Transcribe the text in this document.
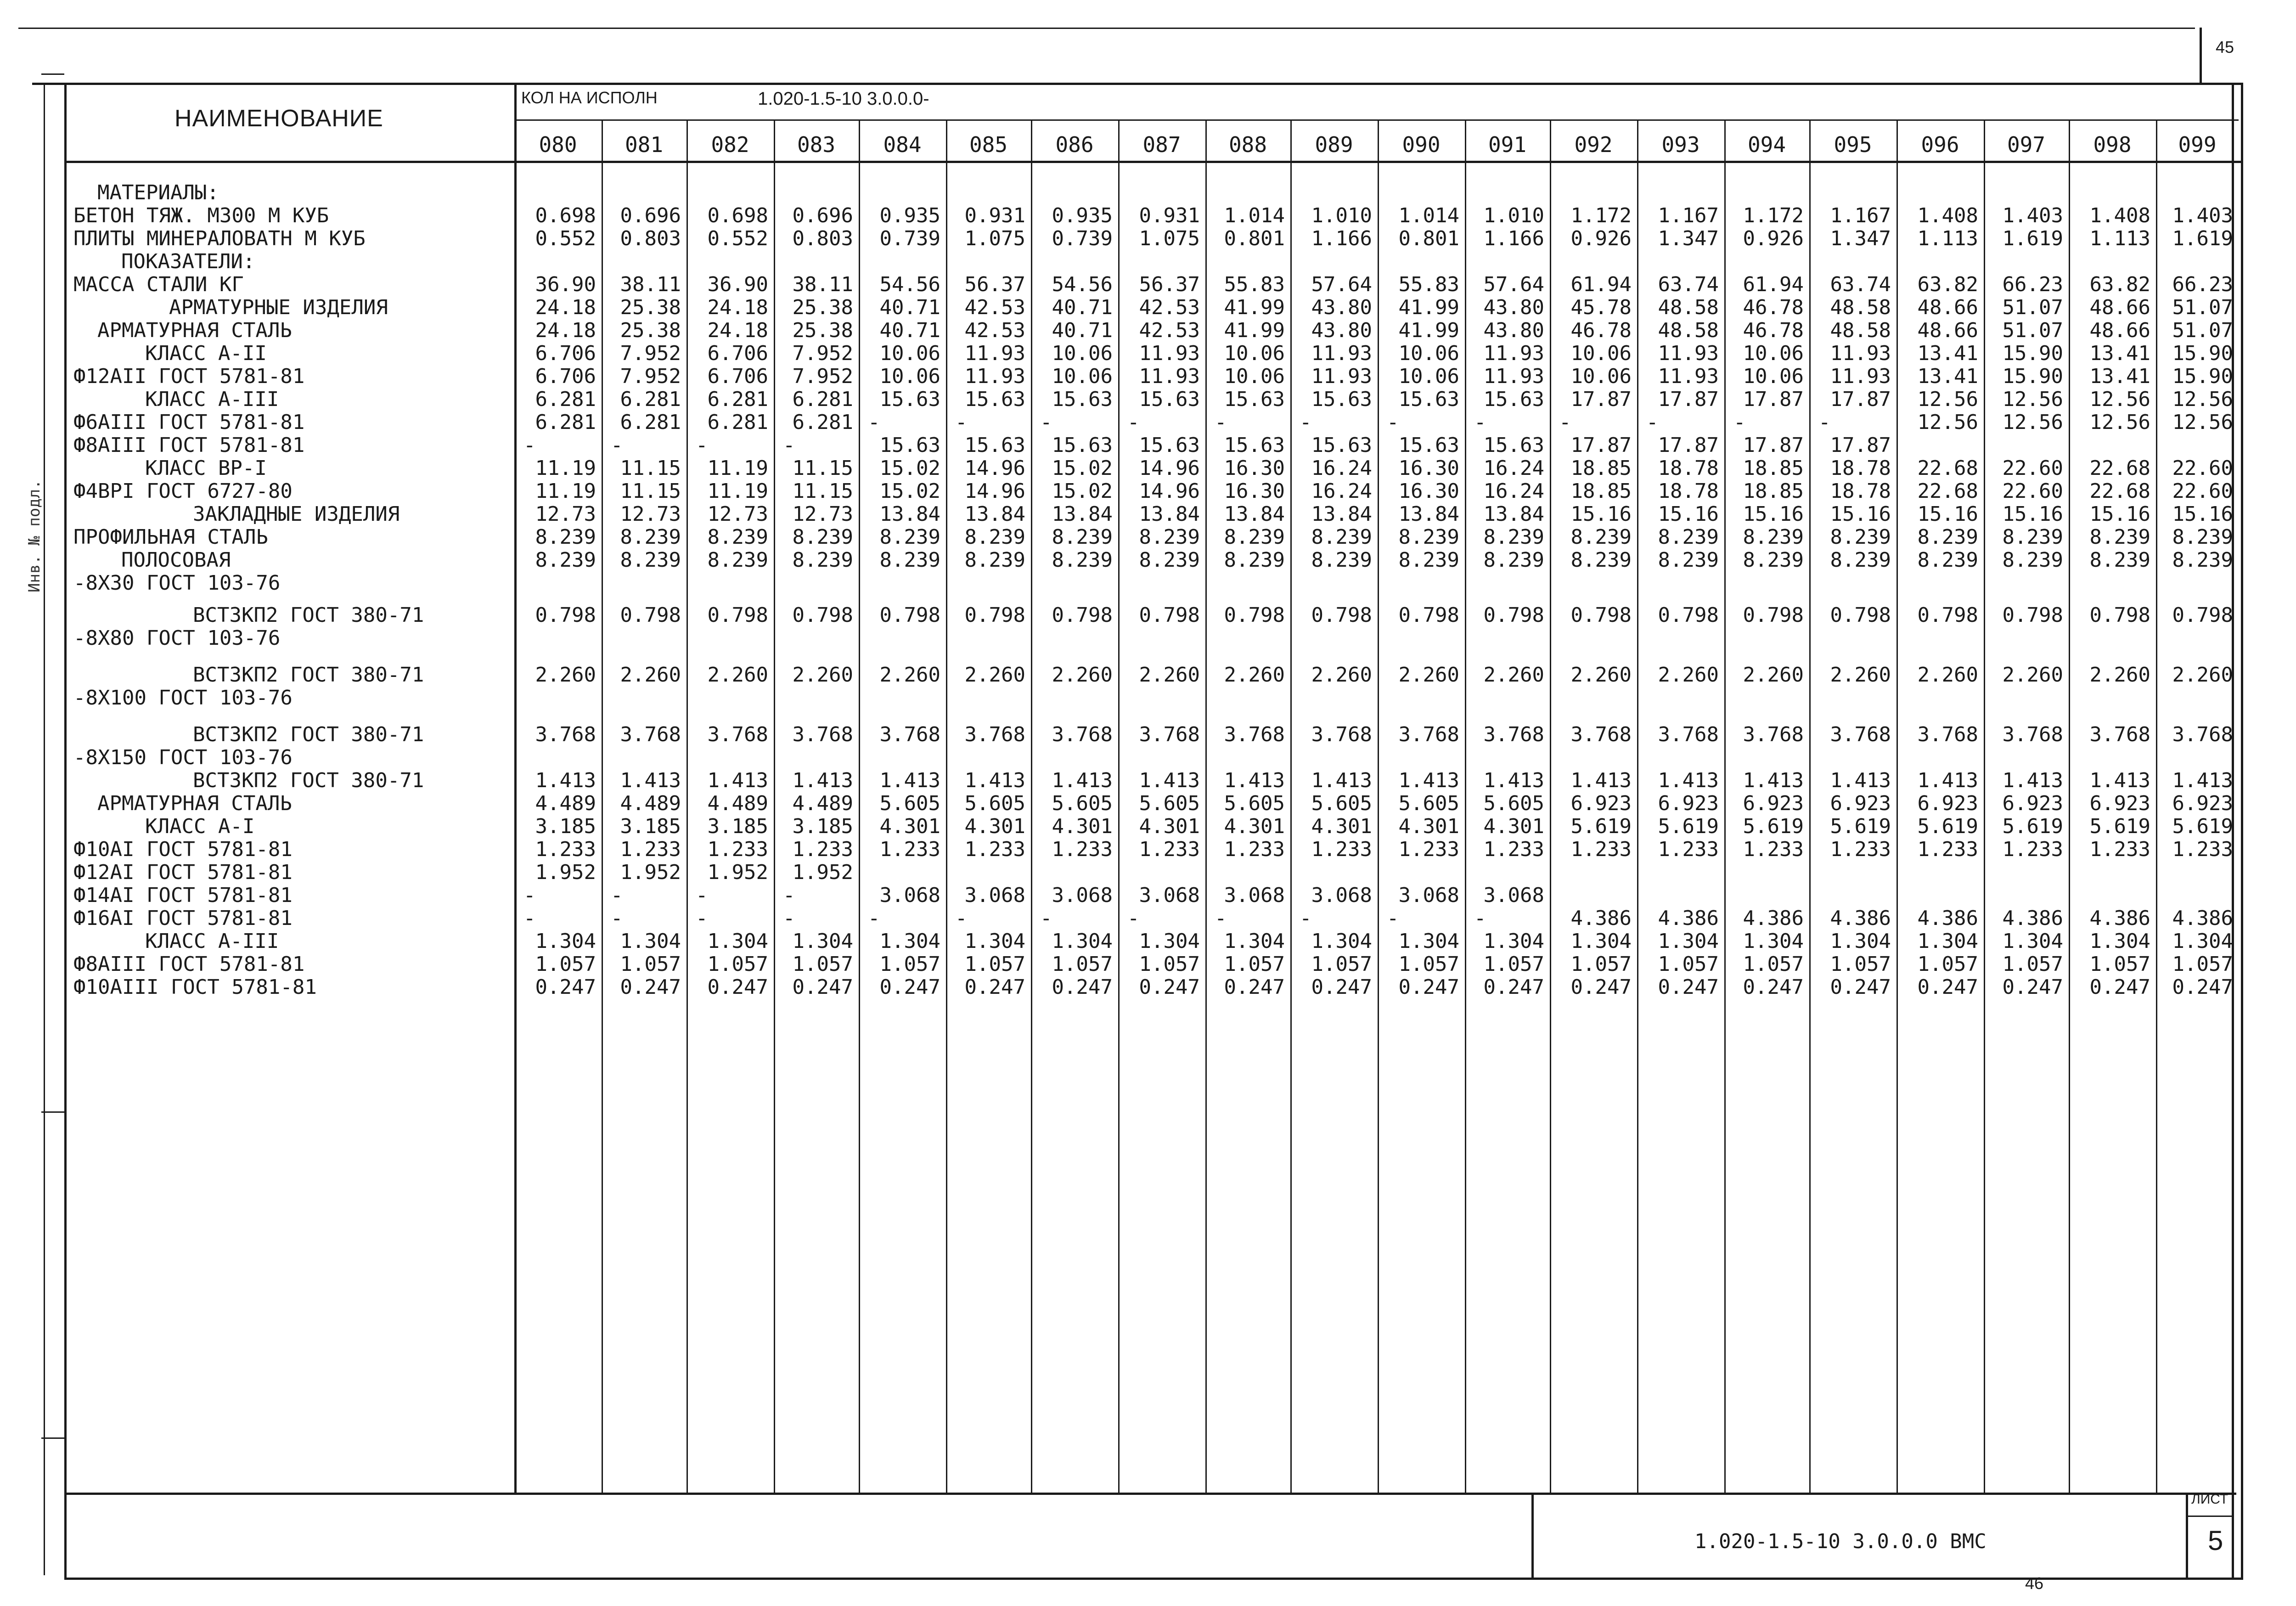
45
46
НАИМЕНОВАНИЕ
КОЛ НА ИСПОЛН	1.020-1.5-10 3.0.0.0-
080	081	082	083	084	085	086	087	088	089	090	091	092	093	094	095	096	097	098	099
МАТЕРИАЛЫ:
БЕТОН ТЯЖ. М300 М КУБ	0.698	0.696	0.698	0.696	0.935	0.931	0.935	0.931	1.014	1.010	1.014	1.010	1.172	1.167	1.172	1.167	1.408	1.403	1.408	1.403
ПЛИТЫ МИНЕРАЛОВАТН М КУБ	0.552	0.803	0.552	0.803	0.739	1.075	0.739	1.075	0.801	1.166	0.801	1.166	0.926	1.347	0.926	1.347	1.113	1.619	1.113	1.619
ПОКАЗАТЕЛИ:
МАССА СТАЛИ КГ	36.90	38.11	36.90	38.11	54.56	56.37	54.56	56.37	55.83	57.64	55.83	57.64	61.94	63.74	61.94	63.74	63.82	66.23	63.82	66.23
АРМАТУРНЫЕ ИЗДЕЛИЯ	24.18	25.38	24.18	25.38	40.71	42.53	40.71	42.53	41.99	43.80	41.99	43.80	45.78	48.58	46.78	48.58	48.66	51.07	48.66	51.07
АРМАТУРНАЯ СТАЛЬ	24.18	25.38	24.18	25.38	40.71	42.53	40.71	42.53	41.99	43.80	41.99	43.80	46.78	48.58	46.78	48.58	48.66	51.07	48.66	51.07
КЛАСС А-II	6.706	7.952	6.706	7.952	10.06	11.93	10.06	11.93	10.06	11.93	10.06	11.93	10.06	11.93	10.06	11.93	13.41	15.90	13.41	15.90
Ф12АII ГОСТ 5781-81	6.706	7.952	6.706	7.952	10.06	11.93	10.06	11.93	10.06	11.93	10.06	11.93	10.06	11.93	10.06	11.93	13.41	15.90	13.41	15.90
КЛАСС А-III	6.281	6.281	6.281	6.281	15.63	15.63	15.63	15.63	15.63	15.63	15.63	15.63	17.87	17.87	17.87	17.87	12.56	12.56	12.56	12.56
Ф6АIII ГОСТ 5781-81	6.281	6.281	6.281	6.281 -	-	-	-	-	-	-	-	-	-	-	-	12.56	12.56	12.56	12.56
Ф8АIII ГОСТ 5781-81	-	-	-	-	15.63	15.63	15.63	15.63	15.63	15.63	15.63	15.63	17.87	17.87	17.87	17.87
КЛАСС ВР-I	11.19	11.15	11.19	11.15	15.02	14.96	15.02	14.96	16.30	16.24	16.30	16.24	18.85	18.78	18.85	18.78	22.68	22.60	22.68	22.60
Ф4ВРI ГОСТ 6727-80	11.19	11.15	11.19	11.15	15.02	14.96	15.02	14.96	16.30	16.24	16.30	16.24	18.85	18.78	18.85	18.78	22.68	22.60	22.68	22.60
ЗАКЛАДНЫЕ ИЗДЕЛИЯ	12.73	12.73	12.73	12.73	13.84	13.84	13.84	13.84	13.84	13.84	13.84	13.84	15.16	15.16	15.16	15.16	15.16	15.16	15.16	15.16
ПРОФИЛЬНАЯ СТАЛЬ	8.239	8.239	8.239	8.239	8.239	8.239	8.239	8.239	8.239	8.239	8.239	8.239	8.239	8.239	8.239	8.239	8.239	8.239	8.239	8.239
ПОЛОСОВАЯ	8.239	8.239	8.239	8.239	8.239	8.239	8.239	8.239	8.239	8.239	8.239	8.239	8.239	8.239	8.239	8.239	8.239	8.239	8.239	8.239
-8Х30 ГОСТ 103-76
ВСТ3КП2 ГОСТ 380-71	0.798	0.798	0.798	0.798	0.798	0.798	0.798	0.798	0.798	0.798	0.798	0.798	0.798	0.798	0.798	0.798	0.798	0.798	0.798	0.798
-8Х80 ГОСТ 103-76
ВСТ3КП2 ГОСТ 380-71	2.260	2.260	2.260	2.260	2.260	2.260	2.260	2.260	2.260	2.260	2.260	2.260	2.260	2.260	2.260	2.260	2.260	2.260	2.260	2.260
-8Х100 ГОСТ 103-76
ВСТ3КП2 ГОСТ 380-71	3.768	3.768	3.768	3.768	3.768	3.768	3.768	3.768	3.768	3.768	3.768	3.768	3.768	3.768	3.768	3.768	3.768	3.768	3.768	3.768
-8Х150 ГОСТ 103-76
ВСТ3КП2 ГОСТ 380-71	1.413	1.413	1.413	1.413	1.413	1.413	1.413	1.413	1.413	1.413	1.413	1.413	1.413	1.413	1.413	1.413	1.413	1.413	1.413	1.413
АРМАТУРНАЯ СТАЛЬ	4.489	4.489	4.489	4.489	5.605	5.605	5.605	5.605	5.605	5.605	5.605	5.605	6.923	6.923	6.923	6.923	6.923	6.923	6.923	6.923
КЛАСС А-I	3.185	3.185	3.185	3.185	4.301	4.301	4.301	4.301	4.301	4.301	4.301	4.301	5.619	5.619	5.619	5.619	5.619	5.619	5.619	5.619
Ф10АI ГОСТ 5781-81	1.233	1.233	1.233	1.233	1.233	1.233	1.233	1.233	1.233	1.233	1.233	1.233	1.233	1.233	1.233	1.233	1.233	1.233	1.233	1.233
Ф12АI ГОСТ 5781-81	1.952	1.952	1.952	1.952
Ф14АI ГОСТ 5781-81	-	-	-	-	3.068	3.068	3.068	3.068	3.068	3.068	3.068	3.068
Ф16АI ГОСТ 5781-81	-	-	-	-	-	-	-	-	-	-	-	-	4.386	4.386	4.386	4.386	4.386	4.386	4.386	4.386
КЛАСС А-III	1.304	1.304	1.304	1.304	1.304	1.304	1.304	1.304	1.304	1.304	1.304	1.304	1.304	1.304	1.304	1.304	1.304	1.304	1.304	1.304
Ф8АIII ГОСТ 5781-81	1.057	1.057	1.057	1.057	1.057	1.057	1.057	1.057	1.057	1.057	1.057	1.057	1.057	1.057	1.057	1.057	1.057	1.057	1.057	1.057
Ф10АIII ГОСТ 5781-81	0.247	0.247	0.247	0.247	0.247	0.247	0.247	0.247	0.247	0.247	0.247	0.247	0.247	0.247	0.247	0.247	0.247	0.247	0.247	0.247
ЛИСТ
5
1.020-1.5-10 3.0.0.0 ВМС
Инв. № подл.
